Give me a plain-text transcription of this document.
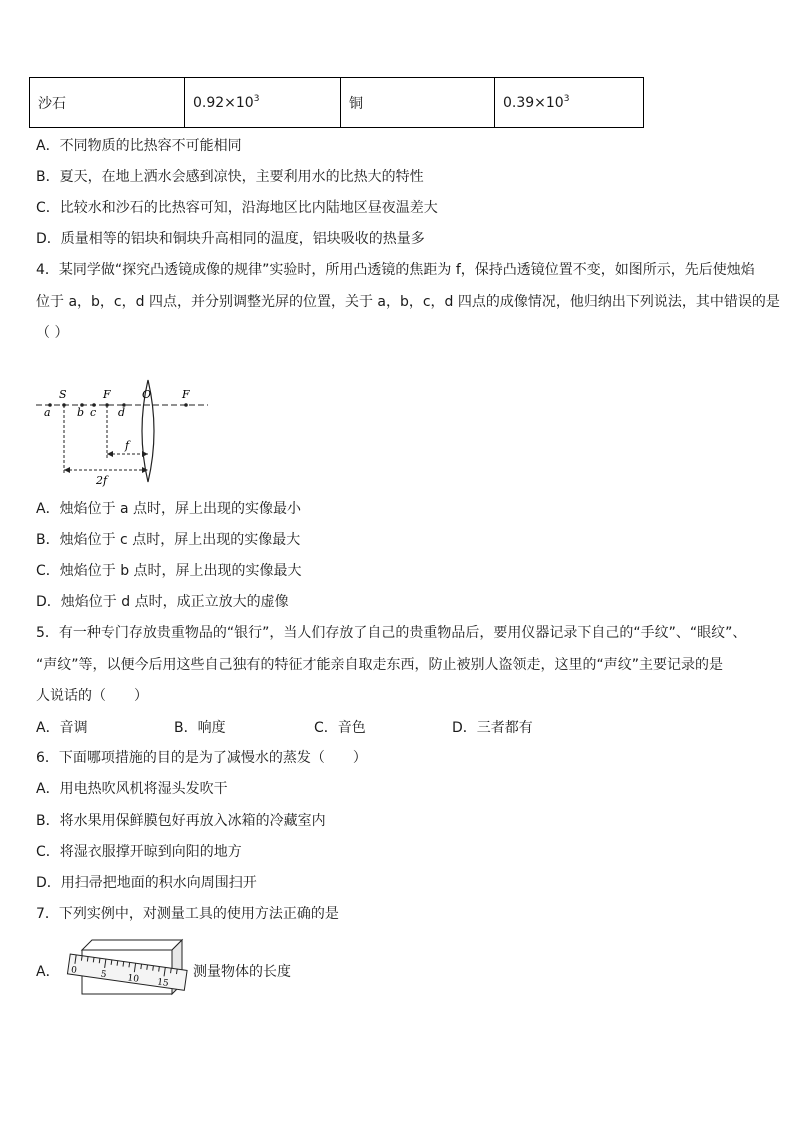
沙石	$0.92\times 10^3$	铜	$0.39\times 10^3$
A．不同物质的比热容不可能相同
B．夏天，在地上洒水会感到凉快，主要利用水的比热大的特性
C．比较水和沙石的比热容可知，沿海地区比内陆地区昼夜温差大
D．质量相等的铝块和铜块升高相同的温度，铝块吸收的热量多
4．某同学做“探究凸透镜成像的规律”实验时，所用凸透镜的焦距为 f，保持凸透镜位置不变，如图所示，先后使烛焰
位于 a，b，c，d 四点，并分别调整光屏的位置，关于 a，b，c，d 四点的成像情况，他归纳出下列说法，其中错误的是
（ ）
S	F	O	F
a b c d
f
2f
A．烛焰位于 a 点时，屏上出现的实像最小
B．烛焰位于 c 点时，屏上出现的实像最大
C．烛焰位于 b 点时，屏上出现的实像最大
D．烛焰位于 d 点时，成正立放大的虚像
5．有一种专门存放贵重物品的“银行”，当人们存放了自己的贵重物品后，要用仪器记录下自己的“手纹”、“眼纹”、
“声纹”等，以便今后用这些自己独有的特征才能亲自取走东西，防止被别人盗领走，这里的“声纹”主要记录的是
人说话的（　　）
A．音调	B．响度	C．音色	D．三者都有
6．下面哪项措施的目的是为了减慢水的蒸发（　　）
A．用电热吹风机将湿头发吹干
B．将水果用保鲜膜包好再放入冰箱的冷藏室内
C．将湿衣服撑开晾到向阳的地方
D．用扫帚把地面的积水向周围扫开
7．下列实例中，对测量工具的使用方法正确的是
A． 0	5 10 15
测量物体的长度
